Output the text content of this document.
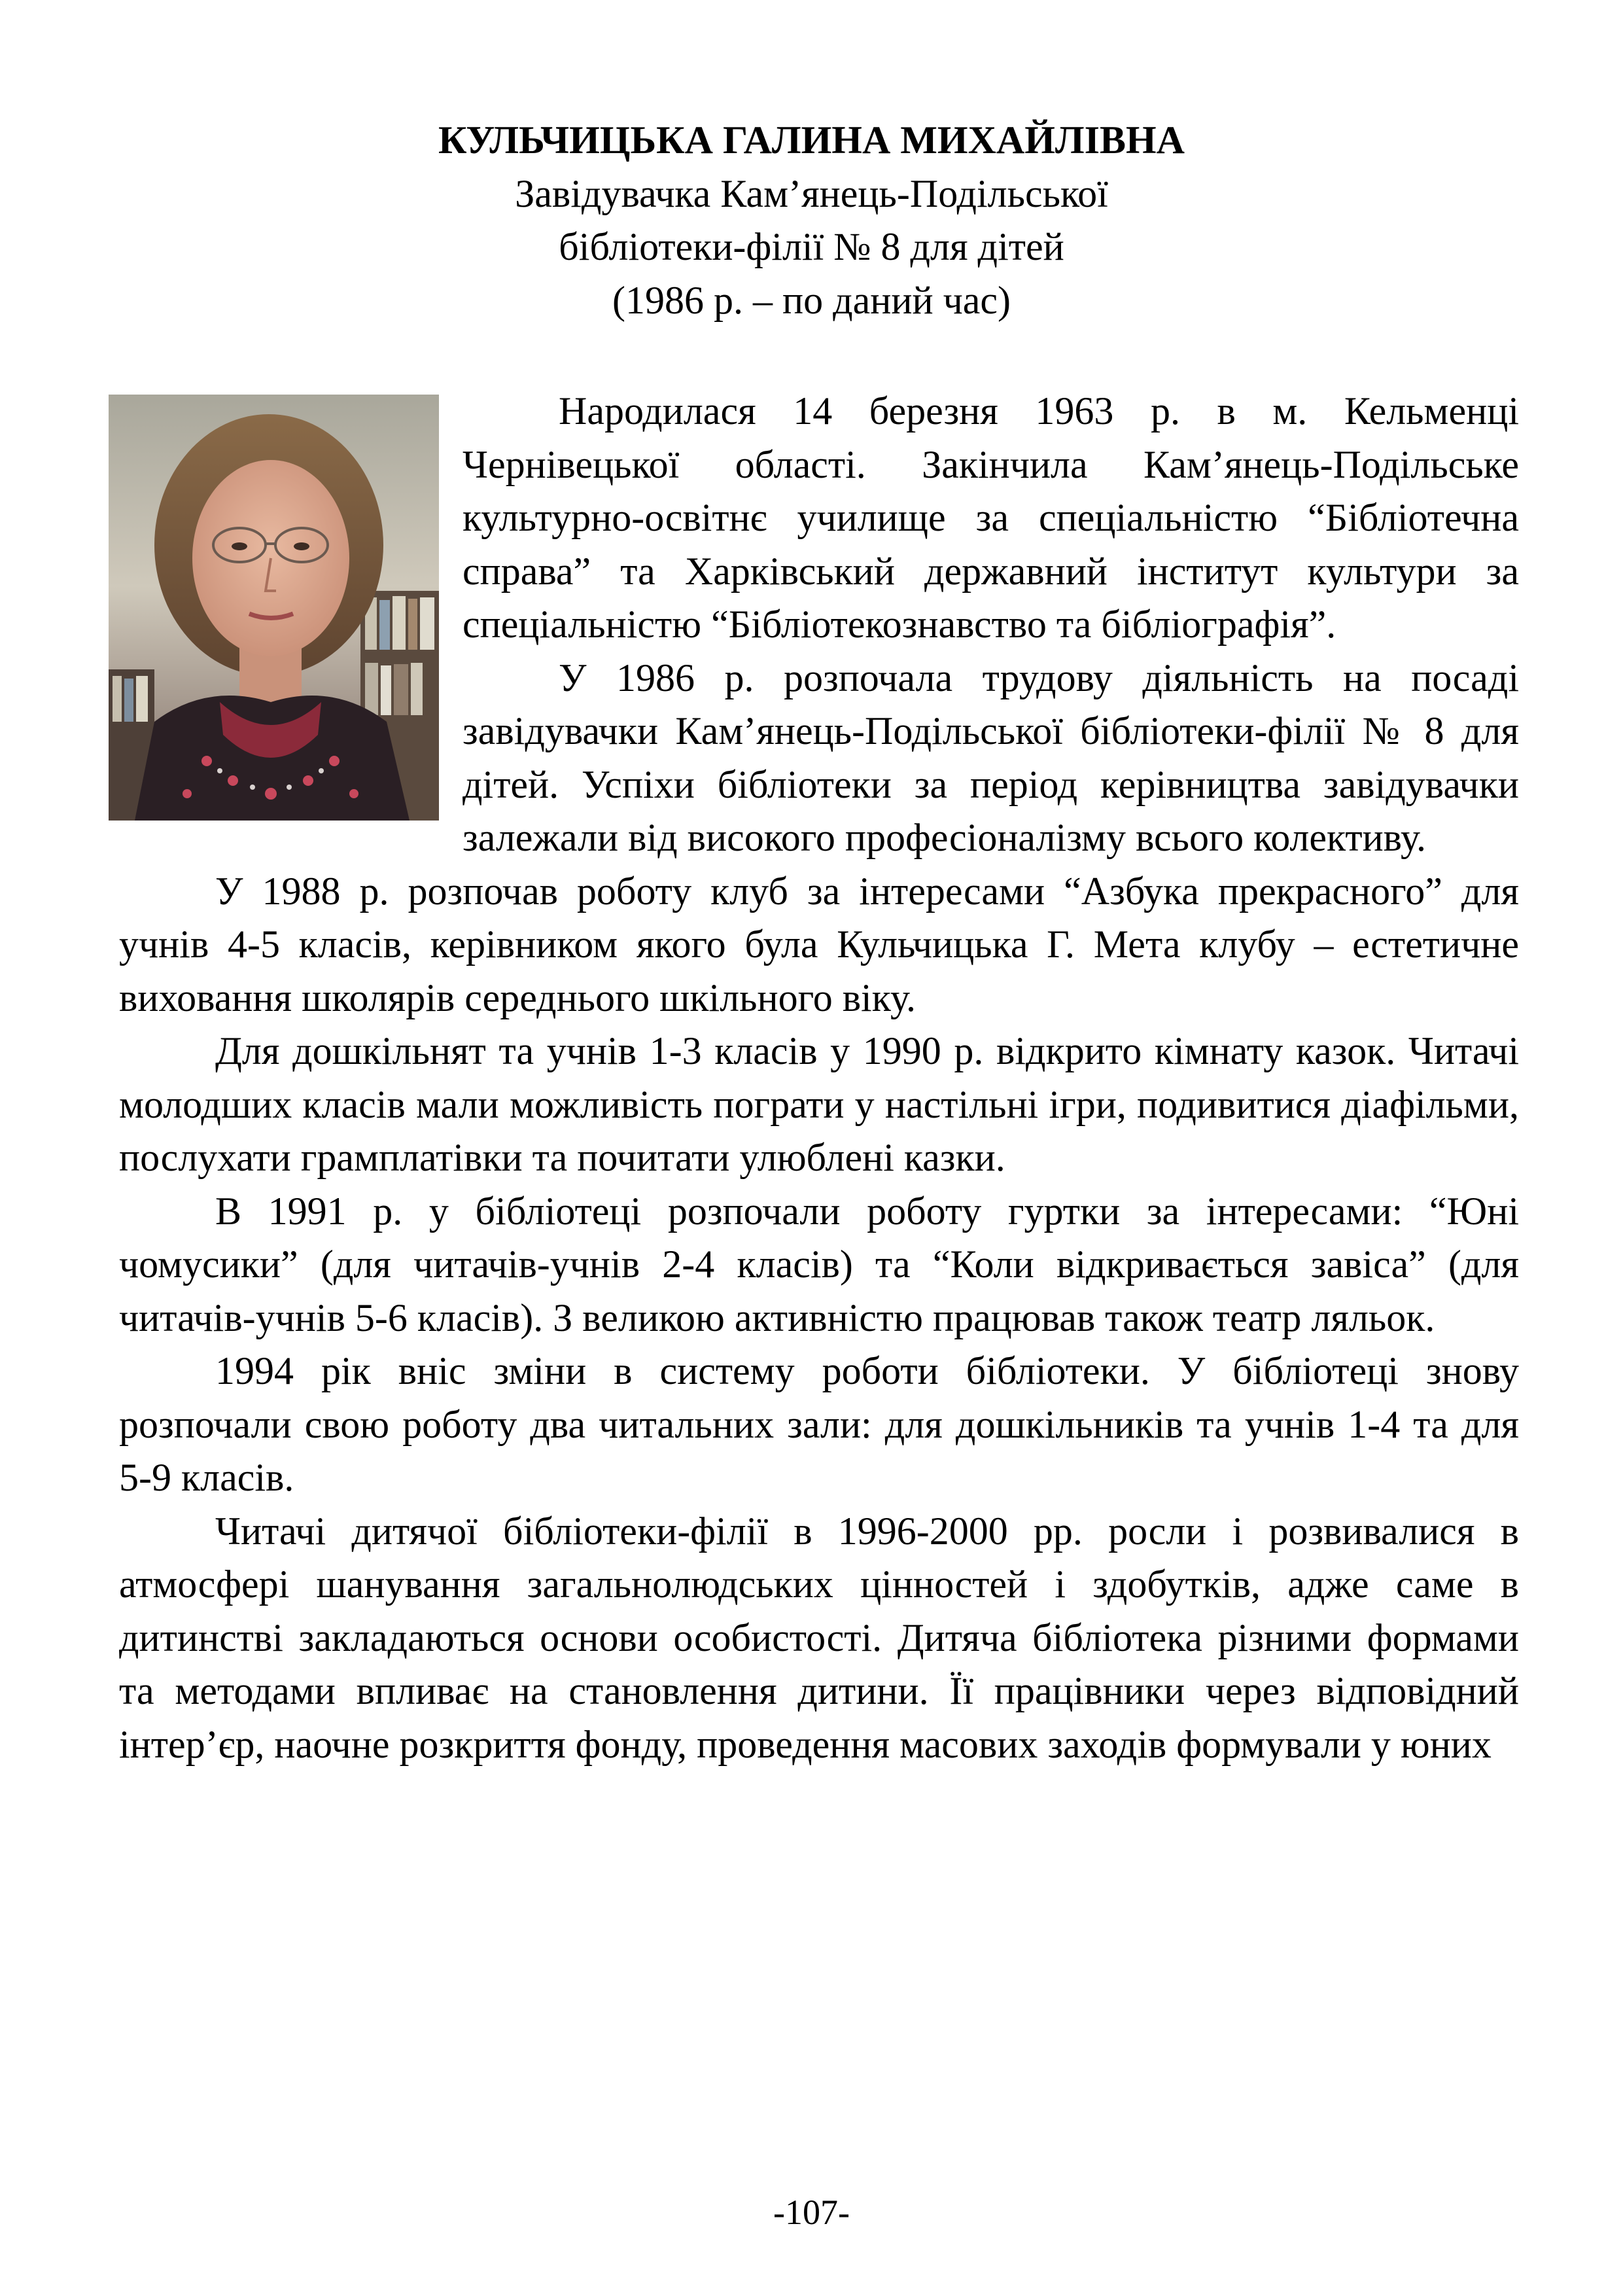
КУЛЬЧИЦЬКА ГАЛИНА МИХАЙЛІВНА
Завідувачка Кам’янець-Подільської
бібліотеки-філії № 8 для дітей
(1986 р. – по даний час)

Народилася 14 березня 1963 р. в м. Кельменці Чернівецької області. Закінчила Кам’янець-Подільське культурно-освітнє училище за спеціальністю “Бібліотечна справа” та Харківський державний інститут культури за спеціальністю “Бібліотекознавство та бібліографія”.

У 1986 р. розпочала трудову діяльність на посаді завідувачки Кам’янець-Подільської бібліотеки-філії № 8 для дітей. Успіхи бібліотеки за період керівництва завідувачки залежали від високого професіоналізму всього колективу.

У 1988 р. розпочав роботу клуб за інтересами “Азбука прекрасного” для учнів 4-5 класів, керівником якого була Кульчицька Г. Мета клубу – естетичне виховання школярів середнього шкільного віку.

Для дошкільнят та учнів 1-3 класів у 1990 р. відкрито кімнату казок. Читачі молодших класів мали можливість пограти у настільні ігри, подивитися діафільми, послухати грамплатівки та почитати улюблені казки.

В 1991 р. у бібліотеці розпочали роботу гуртки за інтересами: “Юні чомусики” (для читачів-учнів 2-4 класів) та “Коли відкривається завіса” (для читачів-учнів 5-6 класів). З великою активністю працював також театр ляльок.

1994 рік вніс зміни в систему роботи бібліотеки. У бібліотеці знову розпочали свою роботу два читальних зали: для дошкільників та учнів 1-4 та для 5-9 класів.

Читачі дитячої бібліотеки-філії в 1996-2000 рр. росли і розвивалися в атмосфері шанування загальнолюдських цінностей і здобутків, адже саме в дитинстві закладаються основи особистості. Дитяча бібліотека різними формами та методами впливає на становлення дитини. Її працівники через відповідний інтер’єр, наочне розкриття фонду, проведення масових заходів формували у юних

-107-
